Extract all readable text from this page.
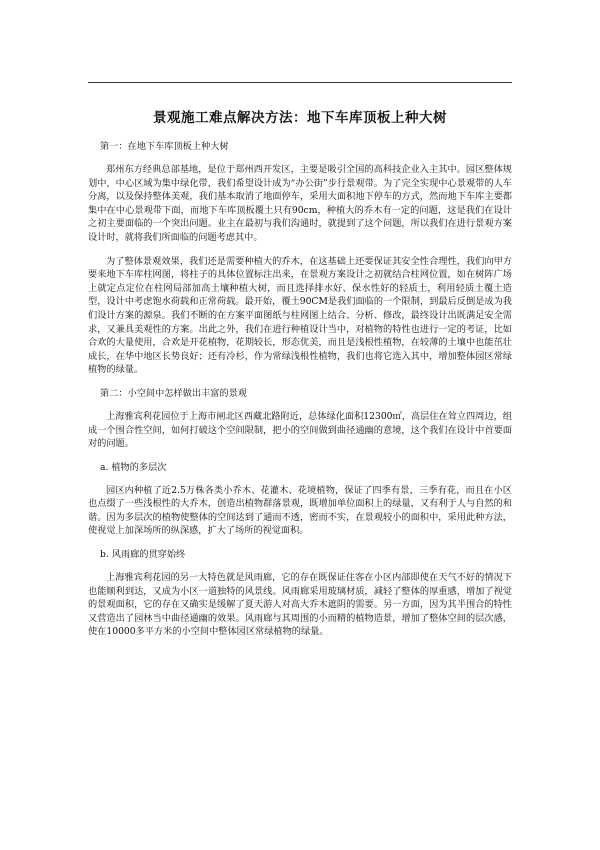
景观施工难点解决方法：地下车库顶板上种大树

第一：在地下车库顶板上种大树

郑州东方经典总部基地，是位于郑州西开发区，主要是吸引全国的高科技企业入主其中。园区整体规划中，中心区域为集中绿化带，我们希望设计成为“办公街”步行景观带。为了完全实现中心景观带的人车分离，以及保持整体美观，我们基本取消了地面停车，采用大面积地下停车的方式，然而地下车库主要都集中在中心景观带下面，而地下车库顶板覆土只有90cm，种植大的乔木有一定的问题，这是我们在设计之初主要面临的一个突出问题。业主在最初与我们沟通时，就提到了这个问题，所以我们在进行景观方案设计时，就将我们所面临的问题考虑其中。

为了整体景观效果，我们还是需要种植大的乔木，在这基础上还要保证其安全性合理性，我们向甲方要来地下车库柱网图，将柱子的具体位置标注出来，在景观方案设计之初就结合柱网位置，如在树阵广场上就定点定位在柱网局部加高土壤种植大树，而且选择排水好、保水性好的轻质土，利用轻质土覆土造型，设计中考虑饱水荷载和正常荷载。最开始，覆土90CM是我们面临的一个限制，到最后反倒是成为我们设计方案的源泉。我们不断的在方案平面图纸与柱网图上结合、分析、修改，最终设计出既满足安全需求，又兼具美观性的方案。出此之外，我们在进行种植设计当中，对植物的特性也进行一定的考证，比如合欢的大量使用，合欢是开花植物，花期较长，形态优美，而且是浅根性植物，在较薄的土壤中也能茁壮成长，在华中地区长势良好；还有冷杉，作为常绿浅根性植物，我们也将它选入其中，增加整体园区常绿植物的绿量。

第二：小空间中怎样做出丰富的景观

上海雅宾利花园位于上海市闸北区西藏北路附近，总体绿化面积12300㎡，高层住在耸立四周边，组成一个围合性空间，如何打破这个空间限制，把小的空间做到曲径通幽的意境，这个我们在设计中首要面对的问题。

a. 植物的多层次

园区内种植了近2.5万株各类小乔木、花灌木、花境植物，保证了四季有景，三季有花，而且在小区也点缀了一些浅根性的大乔木，创造出植物群落景观，既增加单位面积上的绿量，又有利于人与自然的和谐。因为多层次的植物使整体的空间达到了通而不透，密而不实，在景观较小的面积中，采用此种方法，使视觉上加深场所的纵深感，扩大了场所的视觉面积。

b. 风雨廊的贯穿始终

上海雅宾利花园的另一大特色就是风雨廊，它的存在既保证住客在小区内部即使在天气不好的情况下也能顺利到达，又成为小区一道独特的风景线。风雨廊采用玻璃材质，减轻了整体的厚重感，增加了视觉的景观面积，它的存在又确实是缓解了夏天游人对高大乔木遮阴的需要。另一方面，因为其半围合的特性又营造出了园林当中曲径通幽的效果。风雨廊与其周围的小而精的植物造景，增加了整体空间的层次感，使在10000多平方米的小空间中整体园区常绿植物的绿量。
